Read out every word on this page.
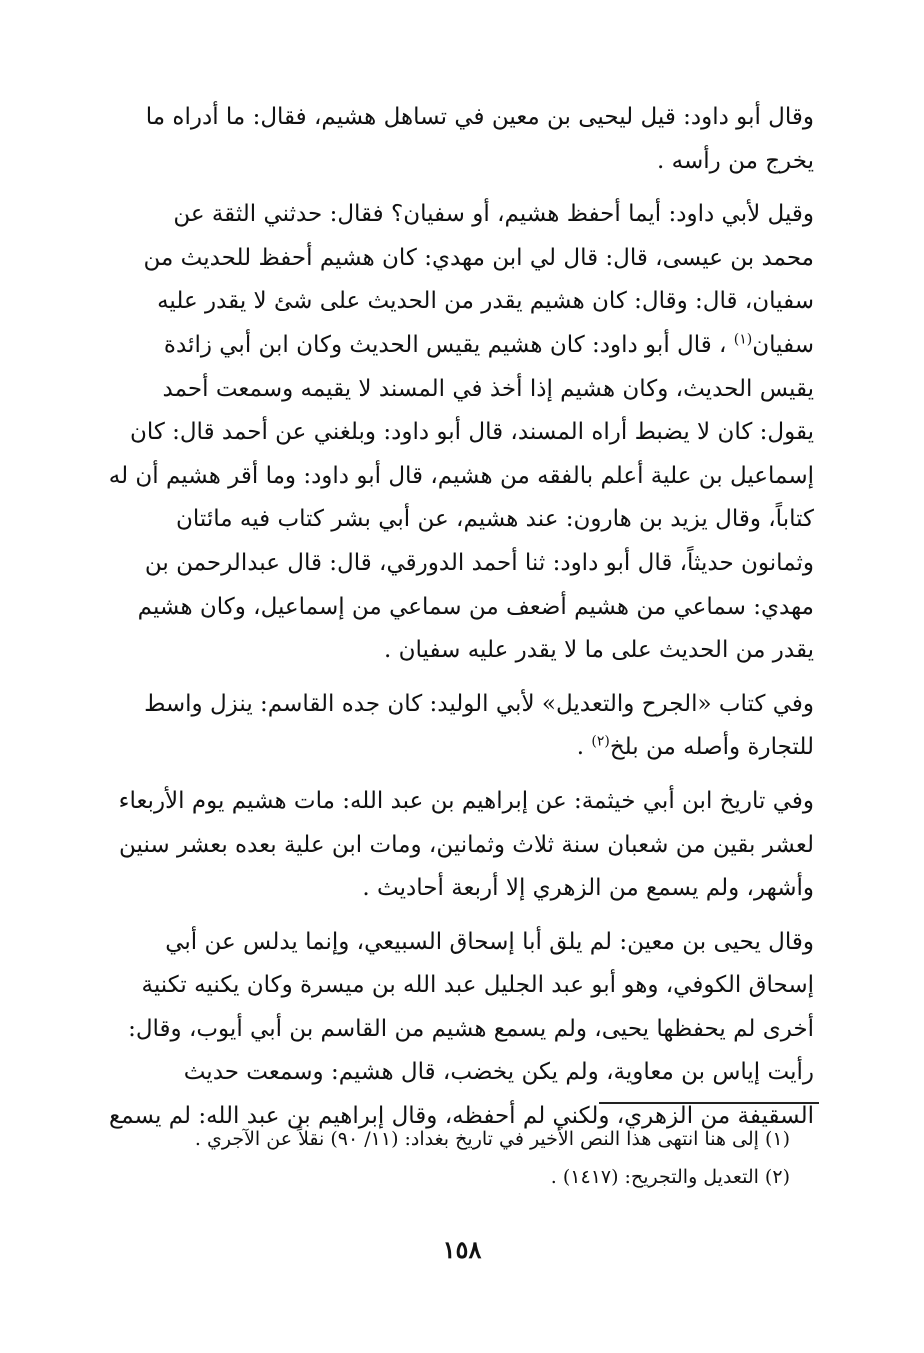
وقال أبو داود: قيل ليحيى بن معين في تساهل هشيم، فقال: ما أدراه ما
يخرج من رأسه .

وقيل لأبي داود: أيما أحفظ هشيم، أو سفيان؟ فقال: حدثني الثقة عن
محمد بن عيسى، قال: قال لي ابن مهدي: كان هشيم أحفظ للحديث من
سفيان، قال: وقال: كان هشيم يقدر من الحديث على شئ لا يقدر عليه
سفيان$^{(١)}$ ، قال أبو داود: كان هشيم يقيس الحديث وكان ابن أبي زائدة
يقيس الحديث، وكان هشيم إذا أخذ في المسند لا يقيمه وسمعت أحمد
يقول: كان لا يضبط أراه المسند، قال أبو داود: وبلغني عن أحمد قال: كان
إسماعيل بن علية أعلم بالفقه من هشيم، قال أبو داود: وما أقر هشيم أن له
كتاباً، وقال يزيد بن هارون: عند هشيم، عن أبي بشر كتاب فيه مائتان
وثمانون حديثاً، قال أبو داود: ثنا أحمد الدورقي، قال: قال عبدالرحمن بن
مهدي: سماعي من هشيم أضعف من سماعي من إسماعيل، وكان هشيم
يقدر من الحديث على ما لا يقدر عليه سفيان .

وفي كتاب «الجرح والتعديل» لأبي الوليد: كان جده القاسم: ينزل واسط
للتجارة وأصله من بلخ$^{(٢)}$ .

وفي تاريخ ابن أبي خيثمة: عن إبراهيم بن عبد الله: مات هشيم يوم الأربعاء
لعشر بقين من شعبان سنة ثلاث وثمانين، ومات ابن علية بعده بعشر سنين
وأشهر، ولم يسمع من الزهري إلا أربعة أحاديث .

وقال يحيى بن معين: لم يلق أبا إسحاق السبيعي، وإنما يدلس عن أبي
إسحاق الكوفي، وهو أبو عبد الجليل عبد الله بن ميسرة وكان يكنيه تكنية
أخرى لم يحفظها يحيى، ولم يسمع هشيم من القاسم بن أبي أيوب، وقال:
رأيت إياس بن معاوية، ولم يكن يخضب، قال هشيم: وسمعت حديث
السقيفة من الزهري، ولكني لم أحفظه، وقال إبراهيم بن عبد الله: لم يسمع

(١) إلى هنا انتهى هذا النص الأخير في تاريخ بغداد: (١١/ ٩٠) نقلاً عن الآجري .

(٢) التعديل والتجريح: (١٤١٧) .

١٥٨
